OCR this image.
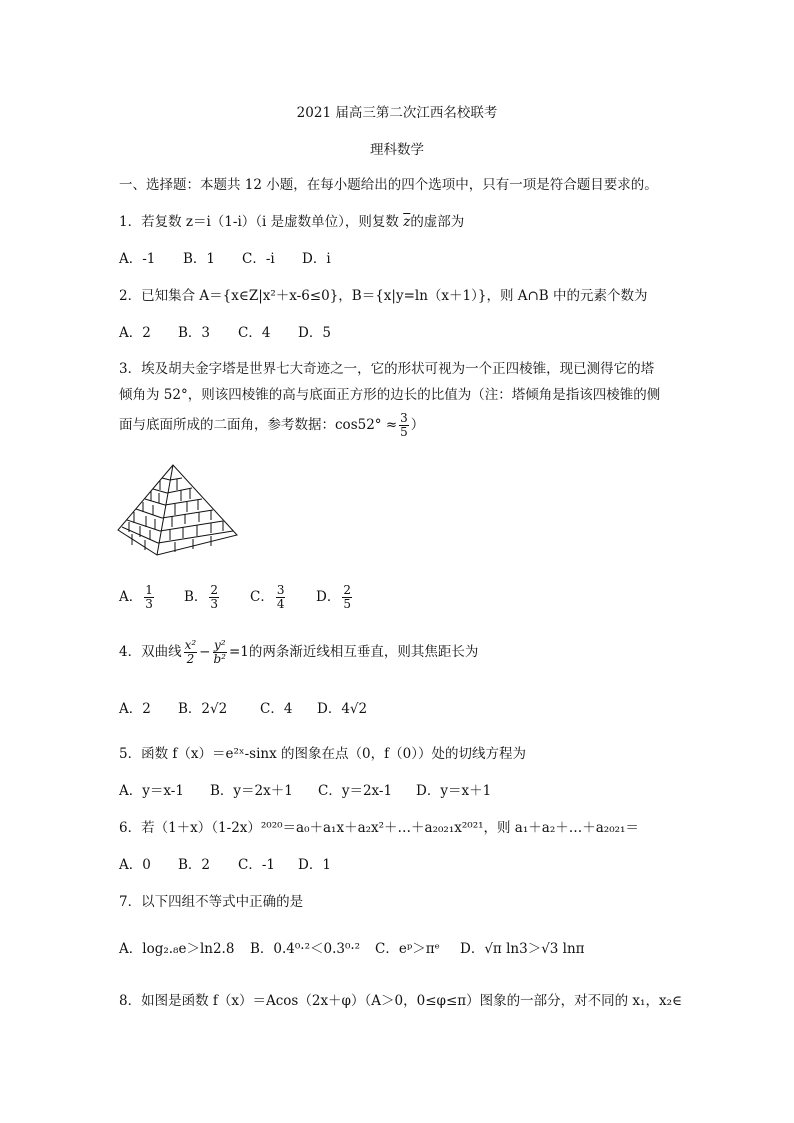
2021 届高三第二次江西名校联考
理科数学
一、选择题：本题共 12 小题，在每小题给出的四个选项中，只有一项是符合题目要求的。
1．若复数 z＝i（1-i）（i 是虚数单位），则复数 $\overline{z}$的虚部为
A．-1 B．1 C．-i D．i
2．已知集合 A＝{x∈Z|x²＋x-6≤0}，B＝{x|y=ln（x＋1）}，则 A∩B 中的元素个数为
A．2 B．3 C．4 D．5
3．埃及胡夫金字塔是世界七大奇迹之一，它的形状可视为一个正四棱锥，现已测得它的塔
倾角为 52°，则该四棱锥的高与底面正方形的边长的比值为（注：塔倾角是指该四棱锥的侧
面与底面所成的二面角，参考数据：$\cos 52^\circ \approx \frac{3}{5}$ ）
A． $\frac{1}{3}$ B． $\frac{2}{3}$ C． $\frac{3}{4}$ D． $\frac{2}{5}$
4．双曲线 $\frac{\text{x²}}{2} - \frac{\text{y²}}{\text{b²}} =1$的两条渐近线相互垂直，则其焦距长为
A．2 B．2√2 C．4 D．4√2
5．函数 f（x）＝e²ˣ-sinx 的图象在点（0，f（0））处的切线方程为
A．y＝x-1 B．y＝2x＋1 C．y＝2x-1 D．y＝x＋1
6．若（1＋x）（1-2x）²⁰²⁰＝a₀＋a₁x＋a₂x²＋…＋a₂₀₂₁x²⁰²¹，则 a₁＋a₂＋…＋a₂₀₂₁＝
A．0 B．2 C．-1 D．1
7．以下四组不等式中正确的是
A．log₂.₈e＞ln2.8 B．0.4⁰·²＜0.3⁰·² C．eᵖ＞πᵉ D．√π ln3＞√3 lnπ
8．如图是函数 f（x）＝Acos（2x＋φ）（A＞0，0≤φ≤π）图象的一部分，对不同的 x₁，x₂∈
